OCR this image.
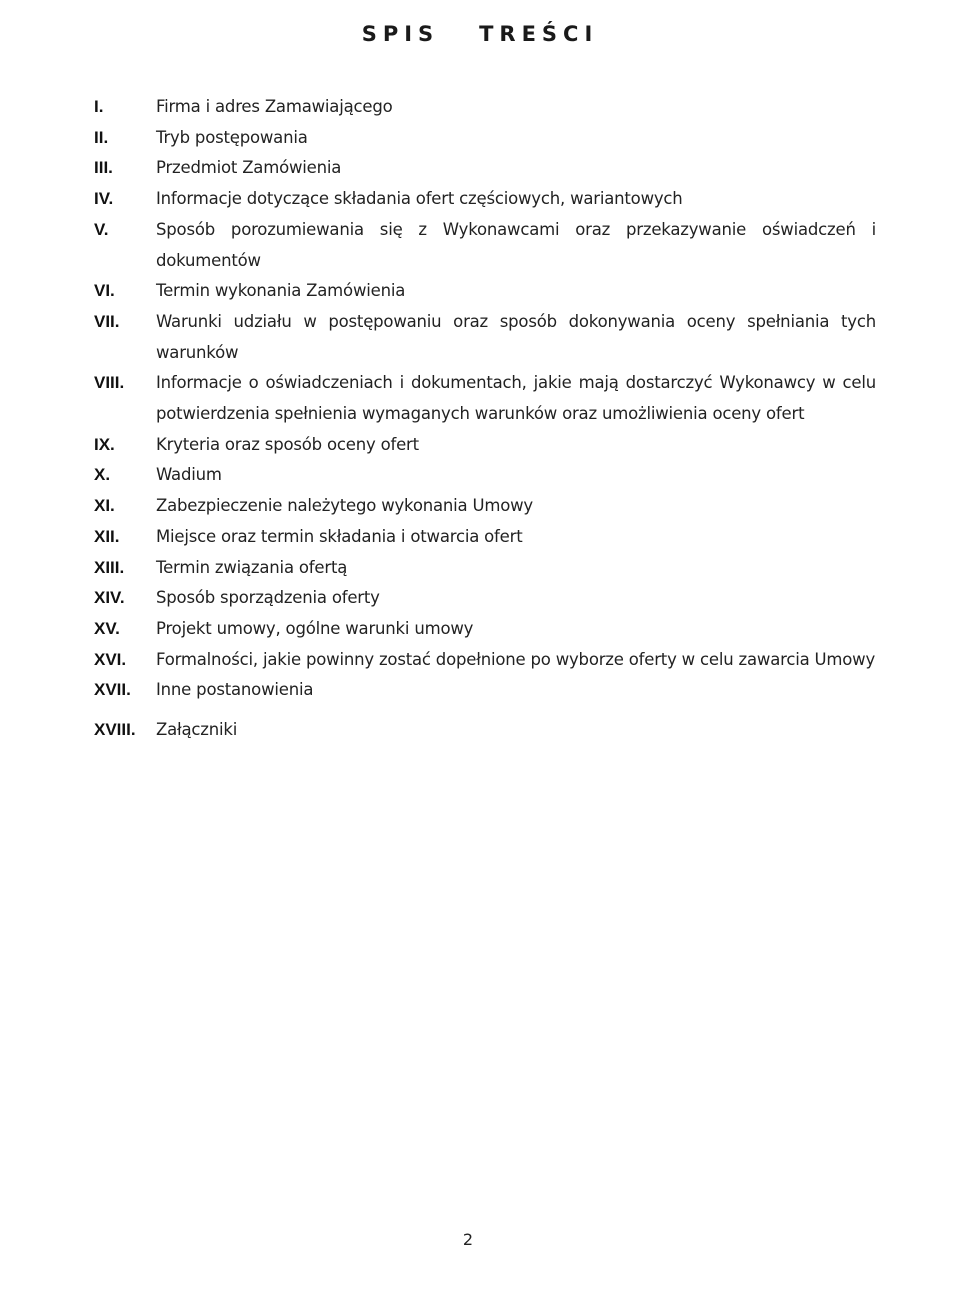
SPIS   TREŚCI
I.	Firma i adres Zamawiającego
II.	Tryb postępowania
III.	Przedmiot Zamówienia
IV.	Informacje dotyczące składania ofert częściowych, wariantowych
V.	Sposób porozumiewania się z Wykonawcami oraz przekazywanie oświadczeń i dokumentów
VI.	Termin wykonania Zamówienia
VII.	Warunki udziału w postępowaniu oraz sposób dokonywania oceny spełniania tych warunków
VIII.	Informacje o oświadczeniach i dokumentach, jakie mają dostarczyć Wykonawcy w celu potwierdzenia spełnienia wymaganych warunków oraz umożliwienia oceny ofert
IX.	Kryteria oraz sposób oceny ofert
X.	Wadium
XI.	Zabezpieczenie należytego wykonania Umowy
XII.	Miejsce oraz termin składania i otwarcia ofert
XIII.	Termin związania ofertą
XIV.	Sposób sporządzenia oferty
XV.	Projekt umowy, ogólne warunki umowy
XVI.	Formalności, jakie powinny zostać dopełnione po wyborze oferty w celu zawarcia Umowy
XVII.	Inne postanowienia
XVIII.	Załączniki
2
